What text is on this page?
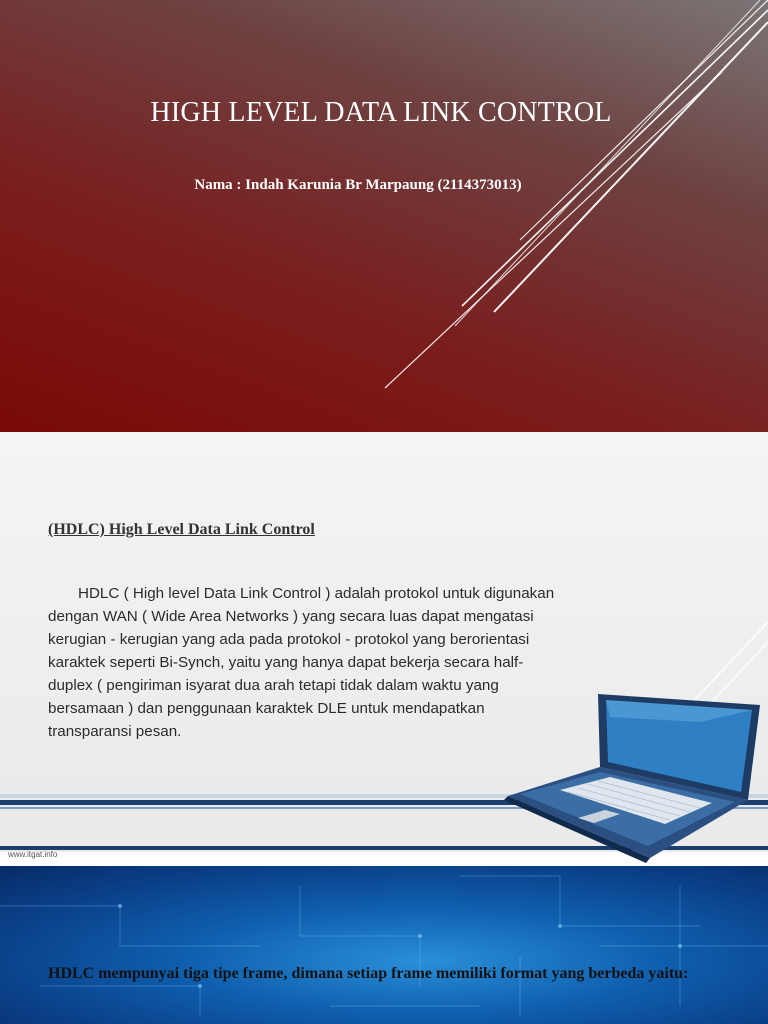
HIGH LEVEL DATA LINK CONTROL
Nama : Indah Karunia Br Marpaung (2114373013)
(HDLC) High Level Data Link Control

HDLC ( High level Data Link Control ) adalah protokol untuk digunakan dengan WAN ( Wide Area Networks ) yang secara luas dapat mengatasi kerugian - kerugian yang ada pada protokol - protokol yang berorientasi karaktek seperti Bi-Synch, yaitu yang hanya dapat bekerja secara half-duplex ( pengiriman isyarat dua arah tetapi tidak dalam waktu yang bersamaan ) dan penggunaan karaktek DLE untuk mendapatkan transparansi pesan.

www.itgat.info

HDLC mempunyai tiga tipe frame, dimana setiap frame memiliki format yang berbeda yaitu:
